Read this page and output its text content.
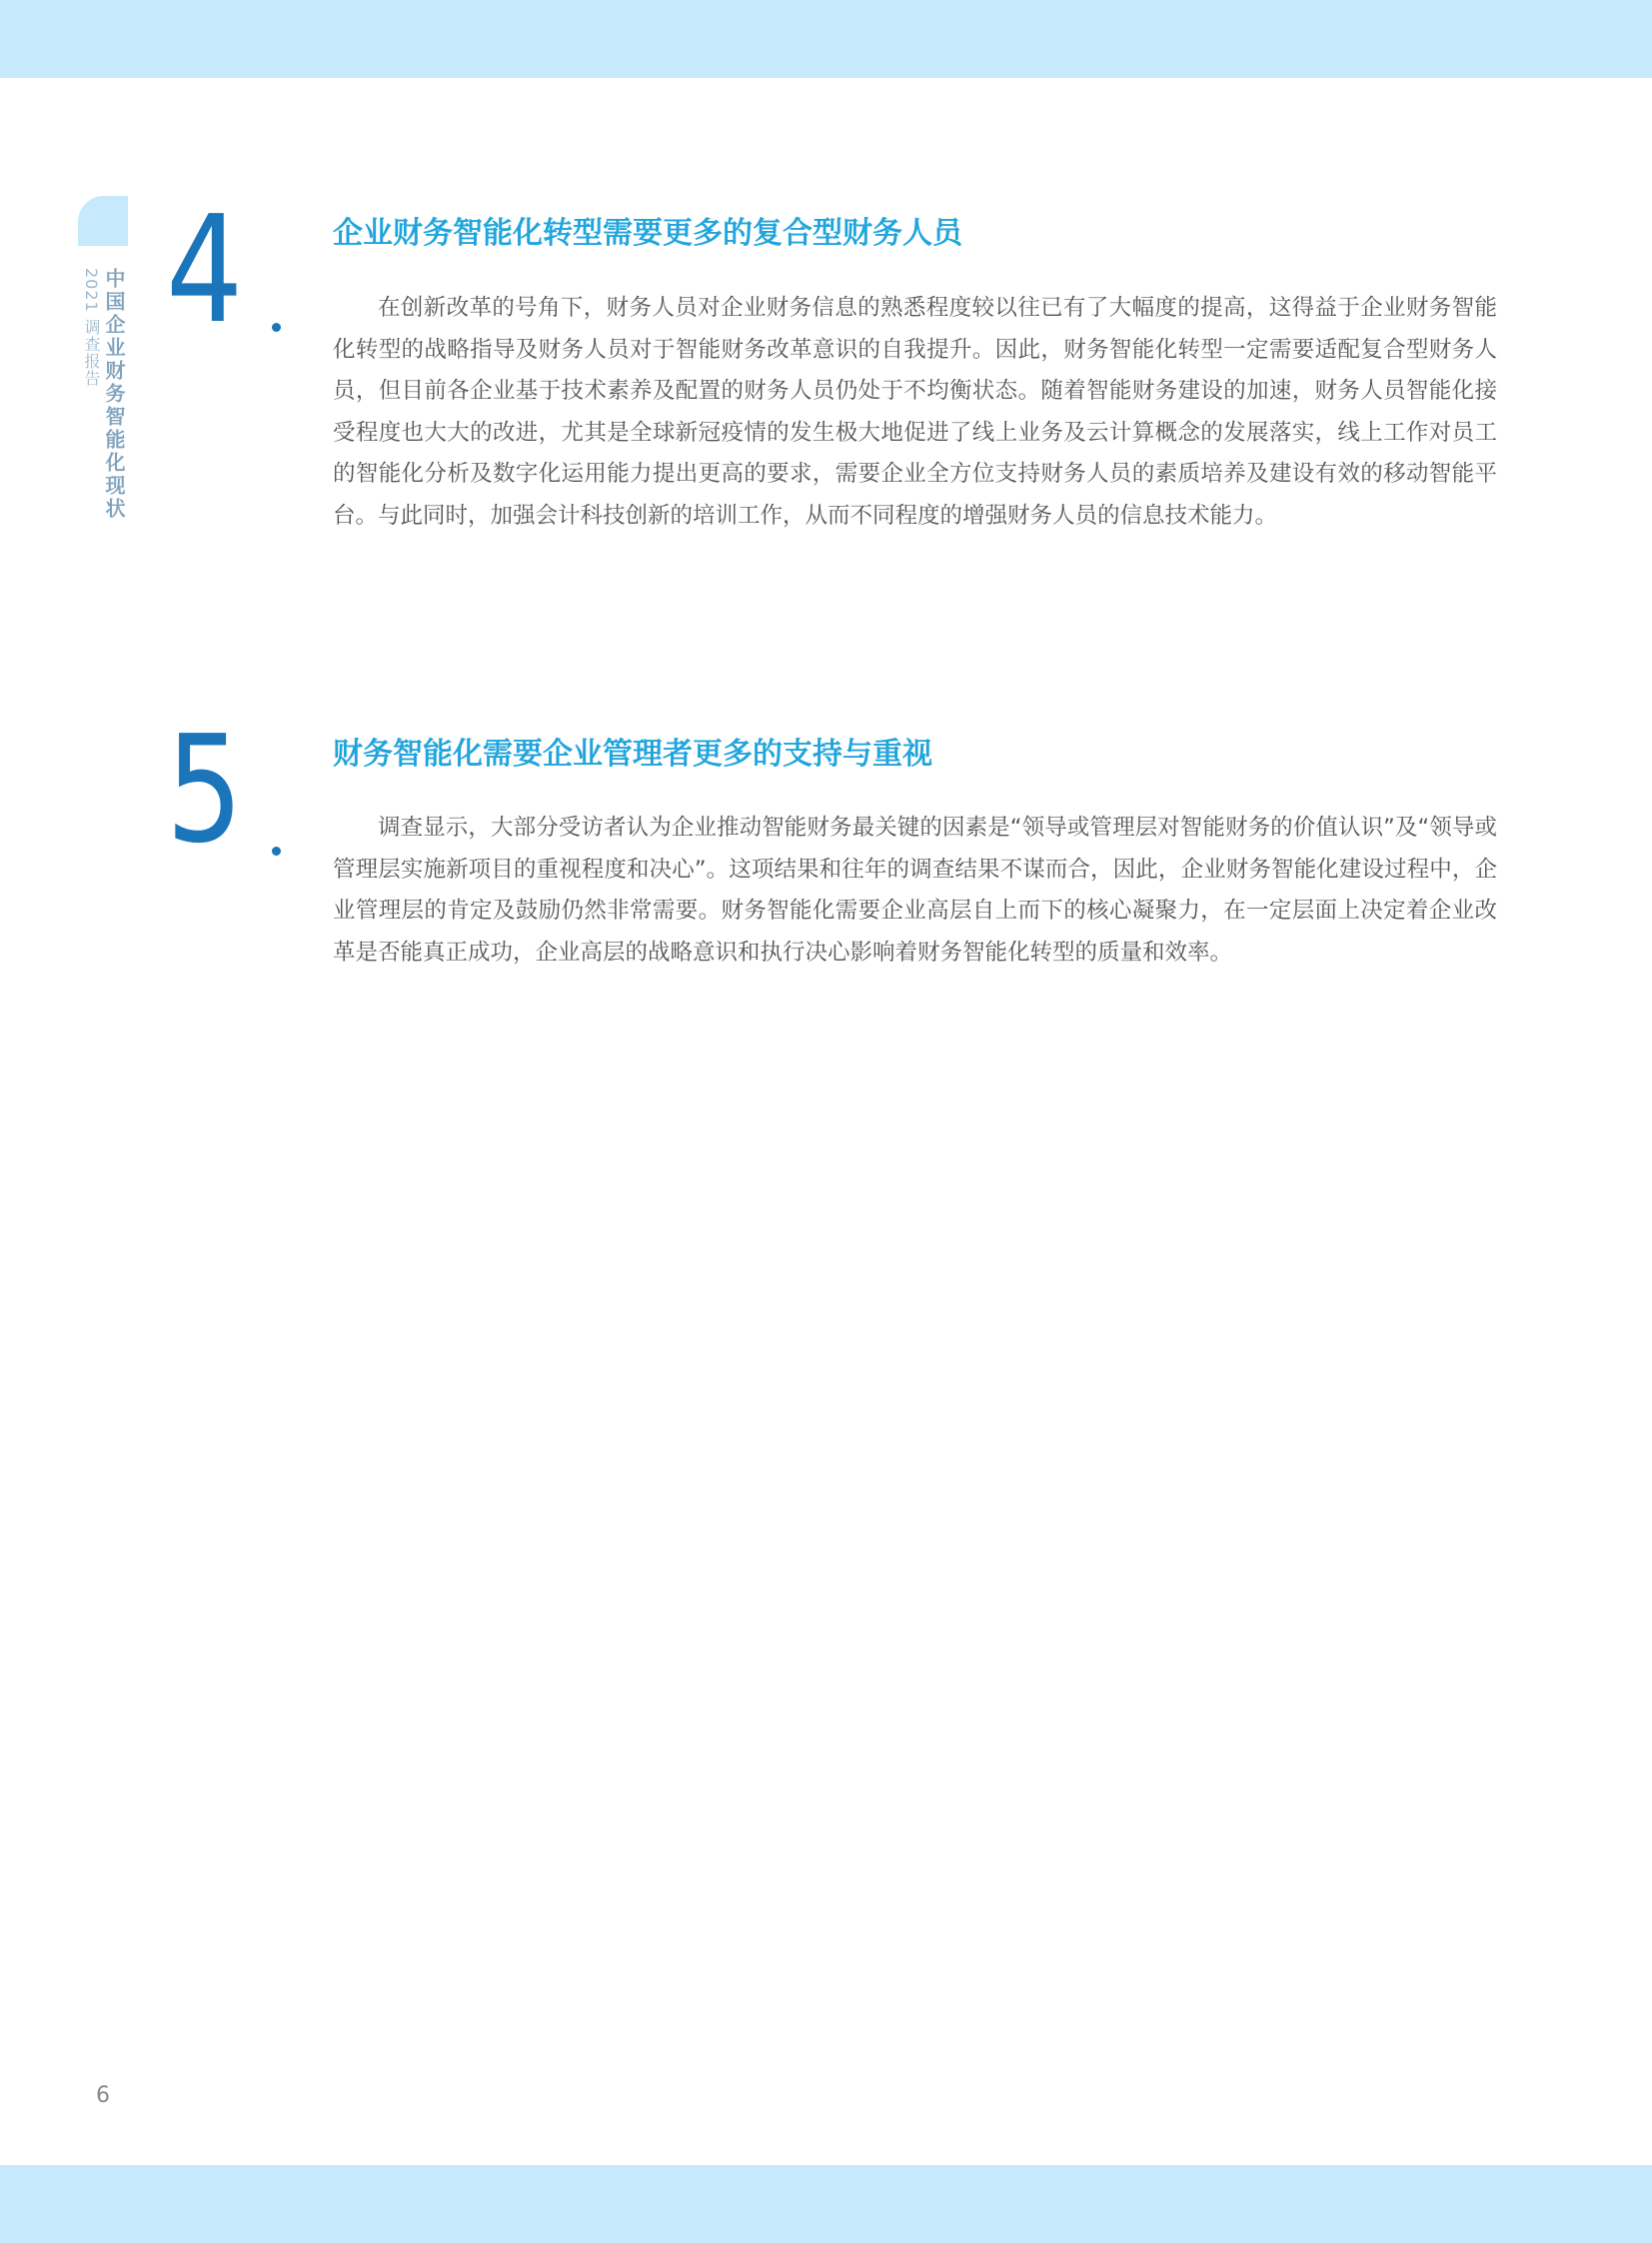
中国企业财务智能化现状
2021 调查报告 4	企业财务智能化转型需要更多的复合型财务人员

在创新改革的号角下，财务人员对企业财务信息的熟悉程度较以往已有了大幅度的提高，这得益于企业财务智能化转型的战略指导及财务人员对于智能财务改革意识的自我提升。因此，财务智能化转型一定需要适配复合型财务人员，但目前各企业基于技术素养及配置的财务人员仍处于不均衡状态。随着智能财务建设的加速，财务人员智能化接受程度也大大的改进，尤其是全球新冠疫情的发生极大地促进了线上业务及云计算概念的发展落实，线上工作对员工的智能化分析及数字化运用能力提出更高的要求，需要企业全方位支持财务人员的素质培养及建设有效的移动智能平台。与此同时，加强会计科技创新的培训工作，从而不同程度的增强财务人员的信息技术能力。

5	财务智能化需要企业管理者更多的支持与重视

调查显示，大部分受访者认为企业推动智能财务最关键的因素是“领导或管理层对智能财务的价值认识”及“领导或管理层实施新项目的重视程度和决心”。这项结果和往年的调查结果不谋而合，因此，企业财务智能化建设过程中，企业管理层的肯定及鼓励仍然非常需要。财务智能化需要企业高层自上而下的核心凝聚力，在一定层面上决定着企业改革是否能真正成功，企业高层的战略意识和执行决心影响着财务智能化转型的质量和效率。

6
